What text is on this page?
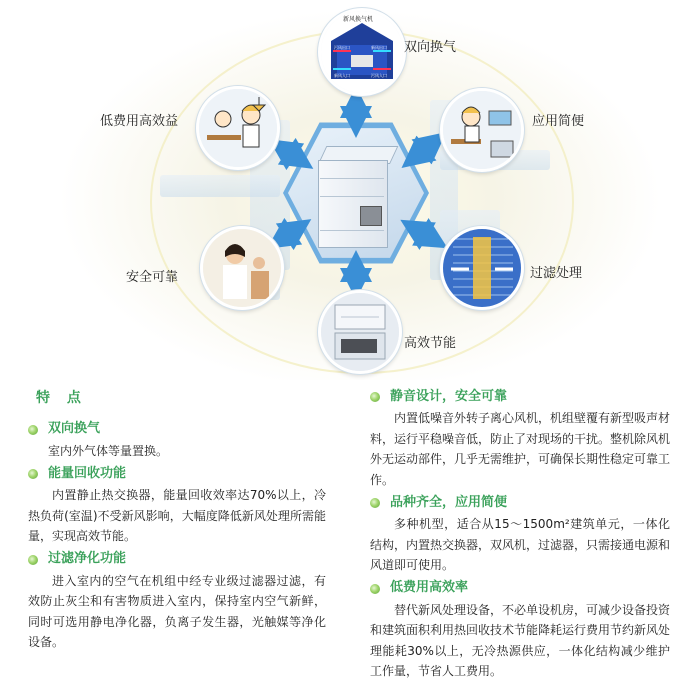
新风换气机
污风出口	新风出口
新风入口	污风入口
双向换气
应用简便
过滤处理
高效节能
安全可靠
低费用高效益
特 点
双向换气
室内外气体等量置换。
能量回收功能
内置静止热交换器，能量回收效率达70%以上，冷热负荷(室温)不受新风影响，大幅度降低新风处理所需能量，实现高效节能。
过滤净化功能
进入室内的空气在机组中经专业级过滤器过滤，有效防止灰尘和有害物质进入室内，保持室内空气新鲜，同时可选用静电净化器，负离子发生器，光触媒等净化设备。
静音设计，安全可靠
内置低噪音外转子离心风机，机组壁覆有新型吸声材料，运行平稳噪音低，防止了对现场的干扰。整机除风机外无运动部件，几乎无需维护，可确保长期性稳定可靠工作。
品种齐全，应用简便
多种机型，适合从15～1500m²建筑单元，一体化结构，内置热交换器，双风机，过滤器，只需接通电源和风道即可使用。
低费用高效率
替代新风处理设备，不必单设机房，可减少设备投资和建筑面积利用热回收技术节能降耗运行费用节约新风处理能耗30%以上，无冷热源供应，一体化结构减少维护工作量，节省人工费用。
